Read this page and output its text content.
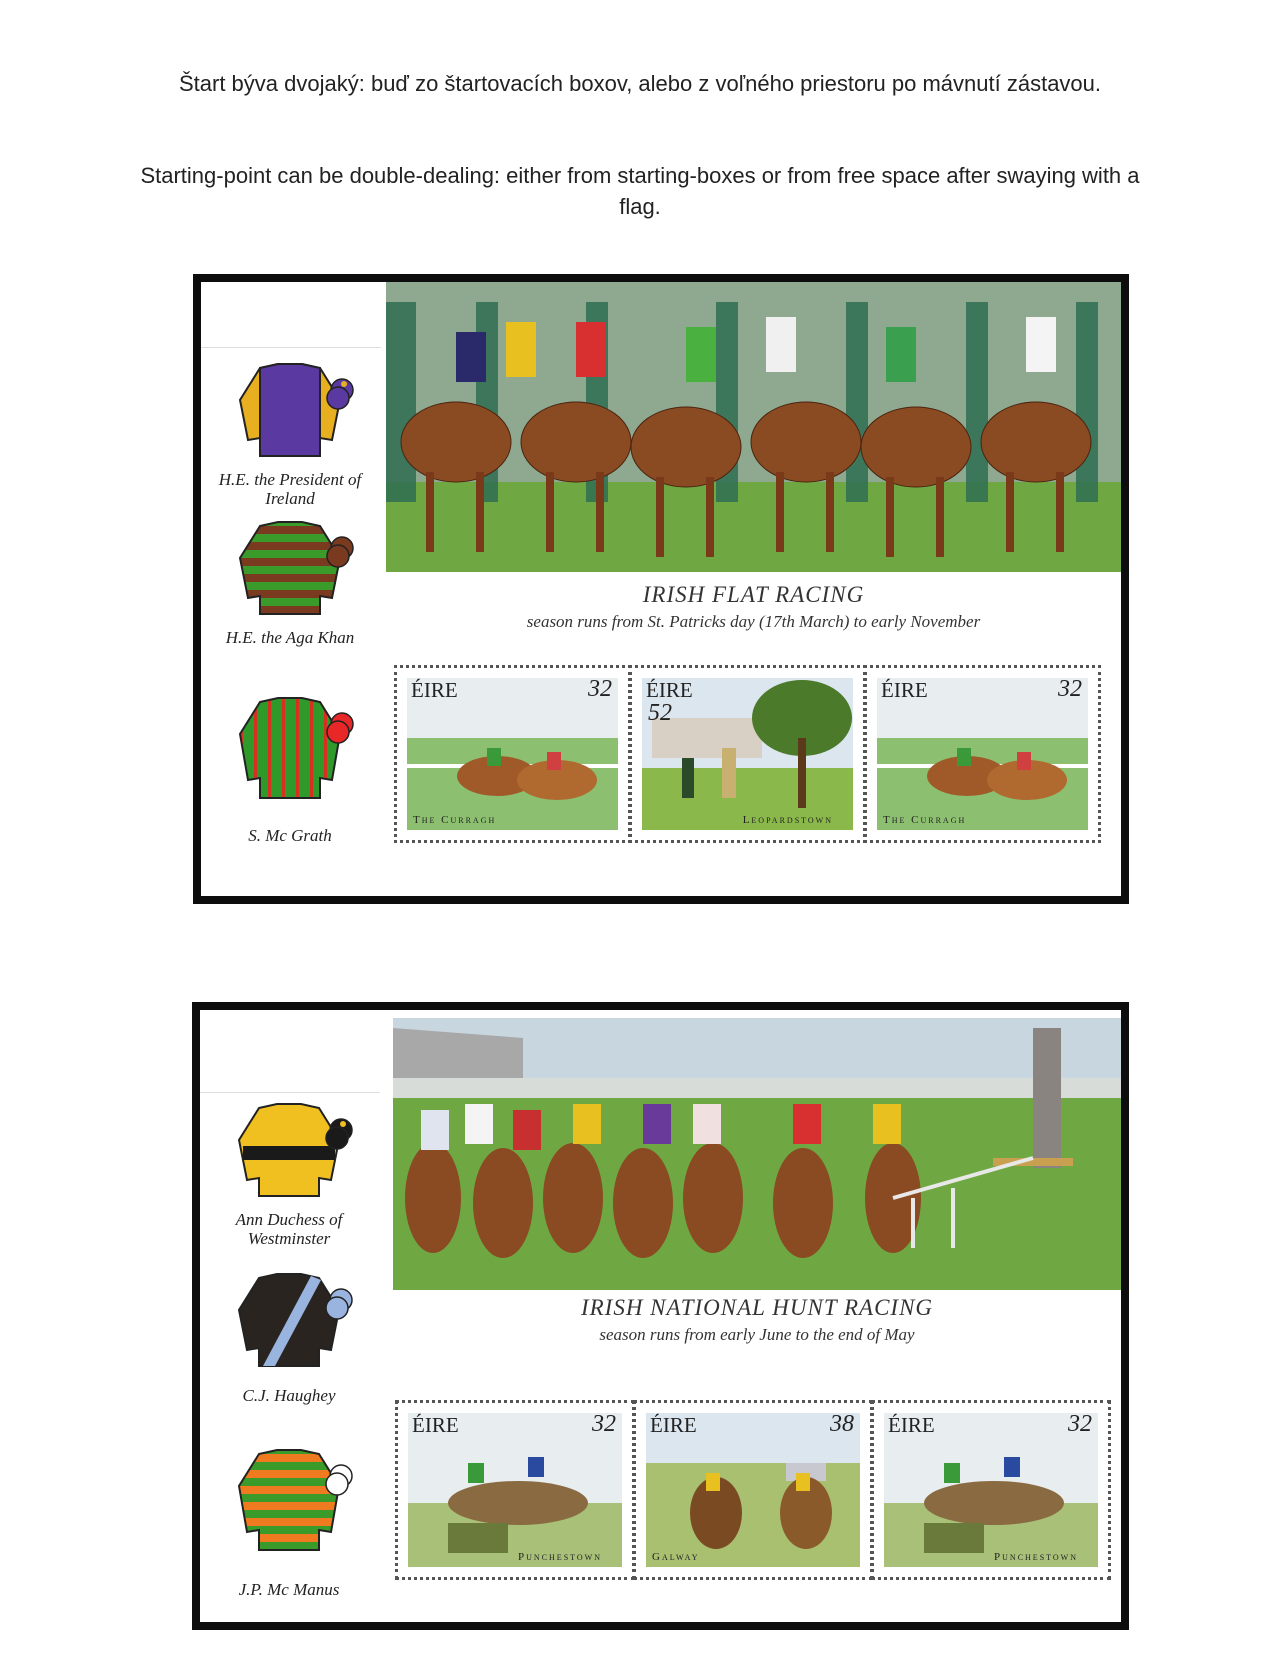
Štart býva dvojaký: buď zo štartovacích boxov, alebo z voľného priestoru po mávnutí zástavou.
Starting-point can be double-dealing: either from starting-boxes or from free space after swaying with a flag.
H.E. the President of Ireland
H.E. the Aga Khan
S. Mc Grath
IRISH FLAT RACING
season runs from St. Patricks day (17th March) to early November
ÉIRE	32
The Curragh
ÉIRE
52
Leopardstown
ÉIRE	32
The Curragh
Ann Duchess of Westminster
C.J. Haughey
J.P. Mc Manus
IRISH NATIONAL HUNT RACING
season runs from early June to the end of May
ÉIRE	32
Punchestown
ÉIRE	38
Galway
ÉIRE	32
Punchestown
